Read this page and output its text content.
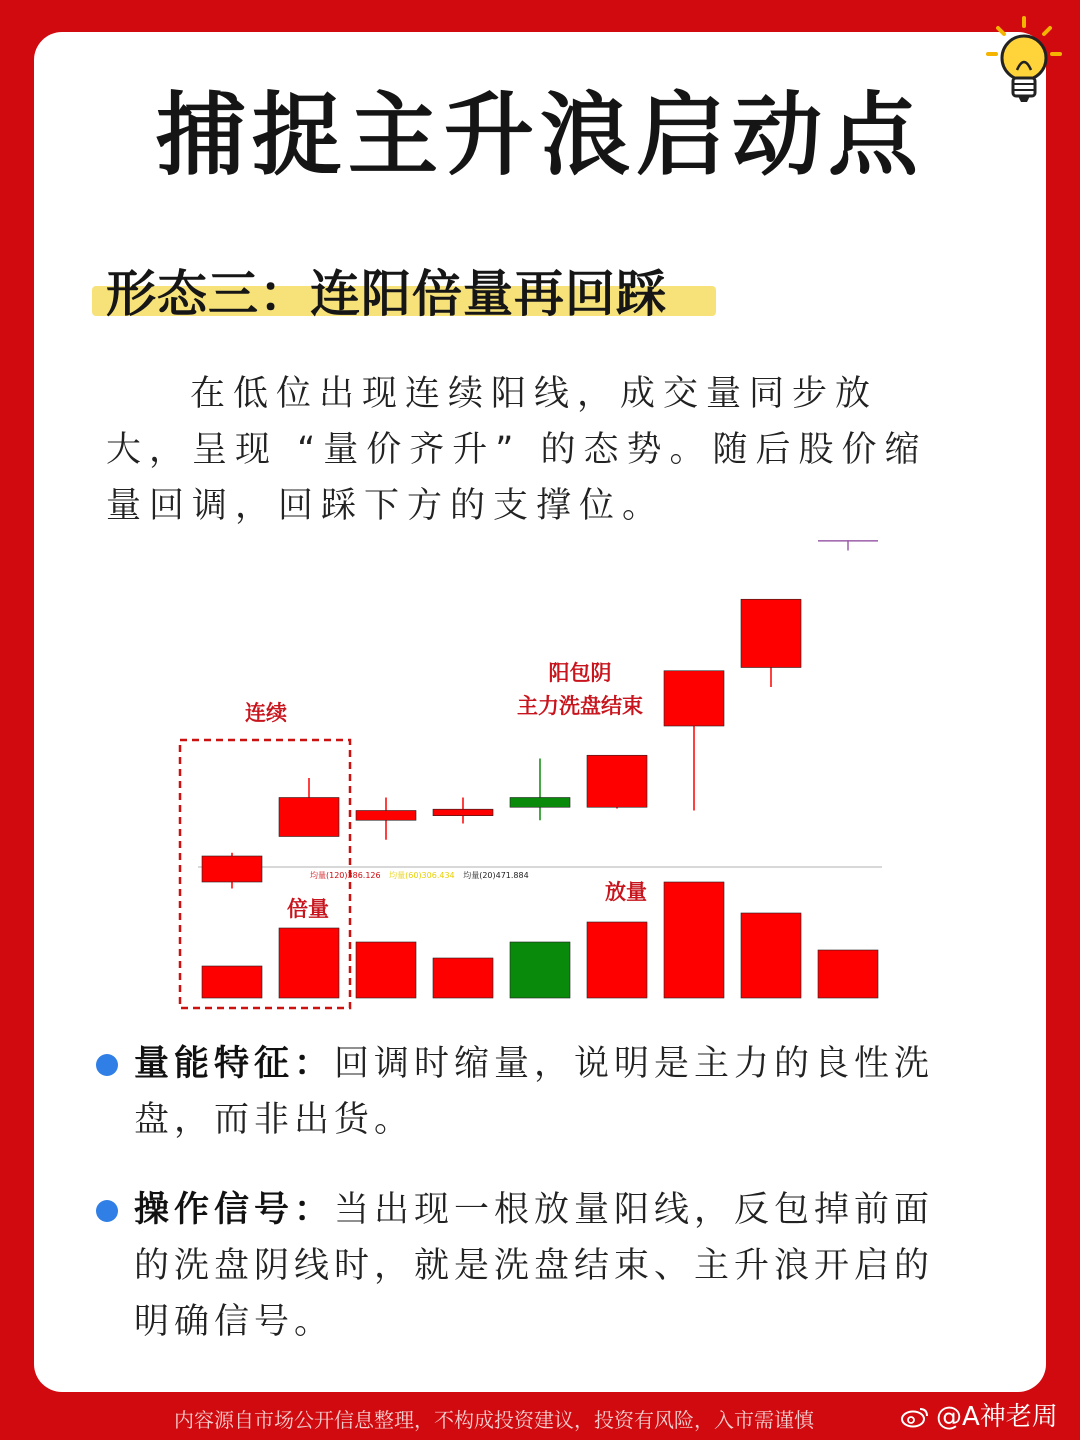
捕捉主升浪启动点
形态三：连阳倍量再回踩

在低位出现连续阳线，成交量同步放大，呈现 “量价齐升” 的态势。随后股价缩量回调，回踩下方的支撑位。

均量(120)386.126 均量(60)306.434 均量(20)471.884
连续
倍量
阳包阴
主力洗盘结束
放量

量能特征：回调时缩量，说明是主力的良性洗盘，而非出货。

操作信号：当出现一根放量阳线，反包掉前面的洗盘阴线时，就是洗盘结束、主升浪开启的明确信号。

内容源自市场公开信息整理，不构成投资建议，投资有风险，入市需谨慎	@A神老周
